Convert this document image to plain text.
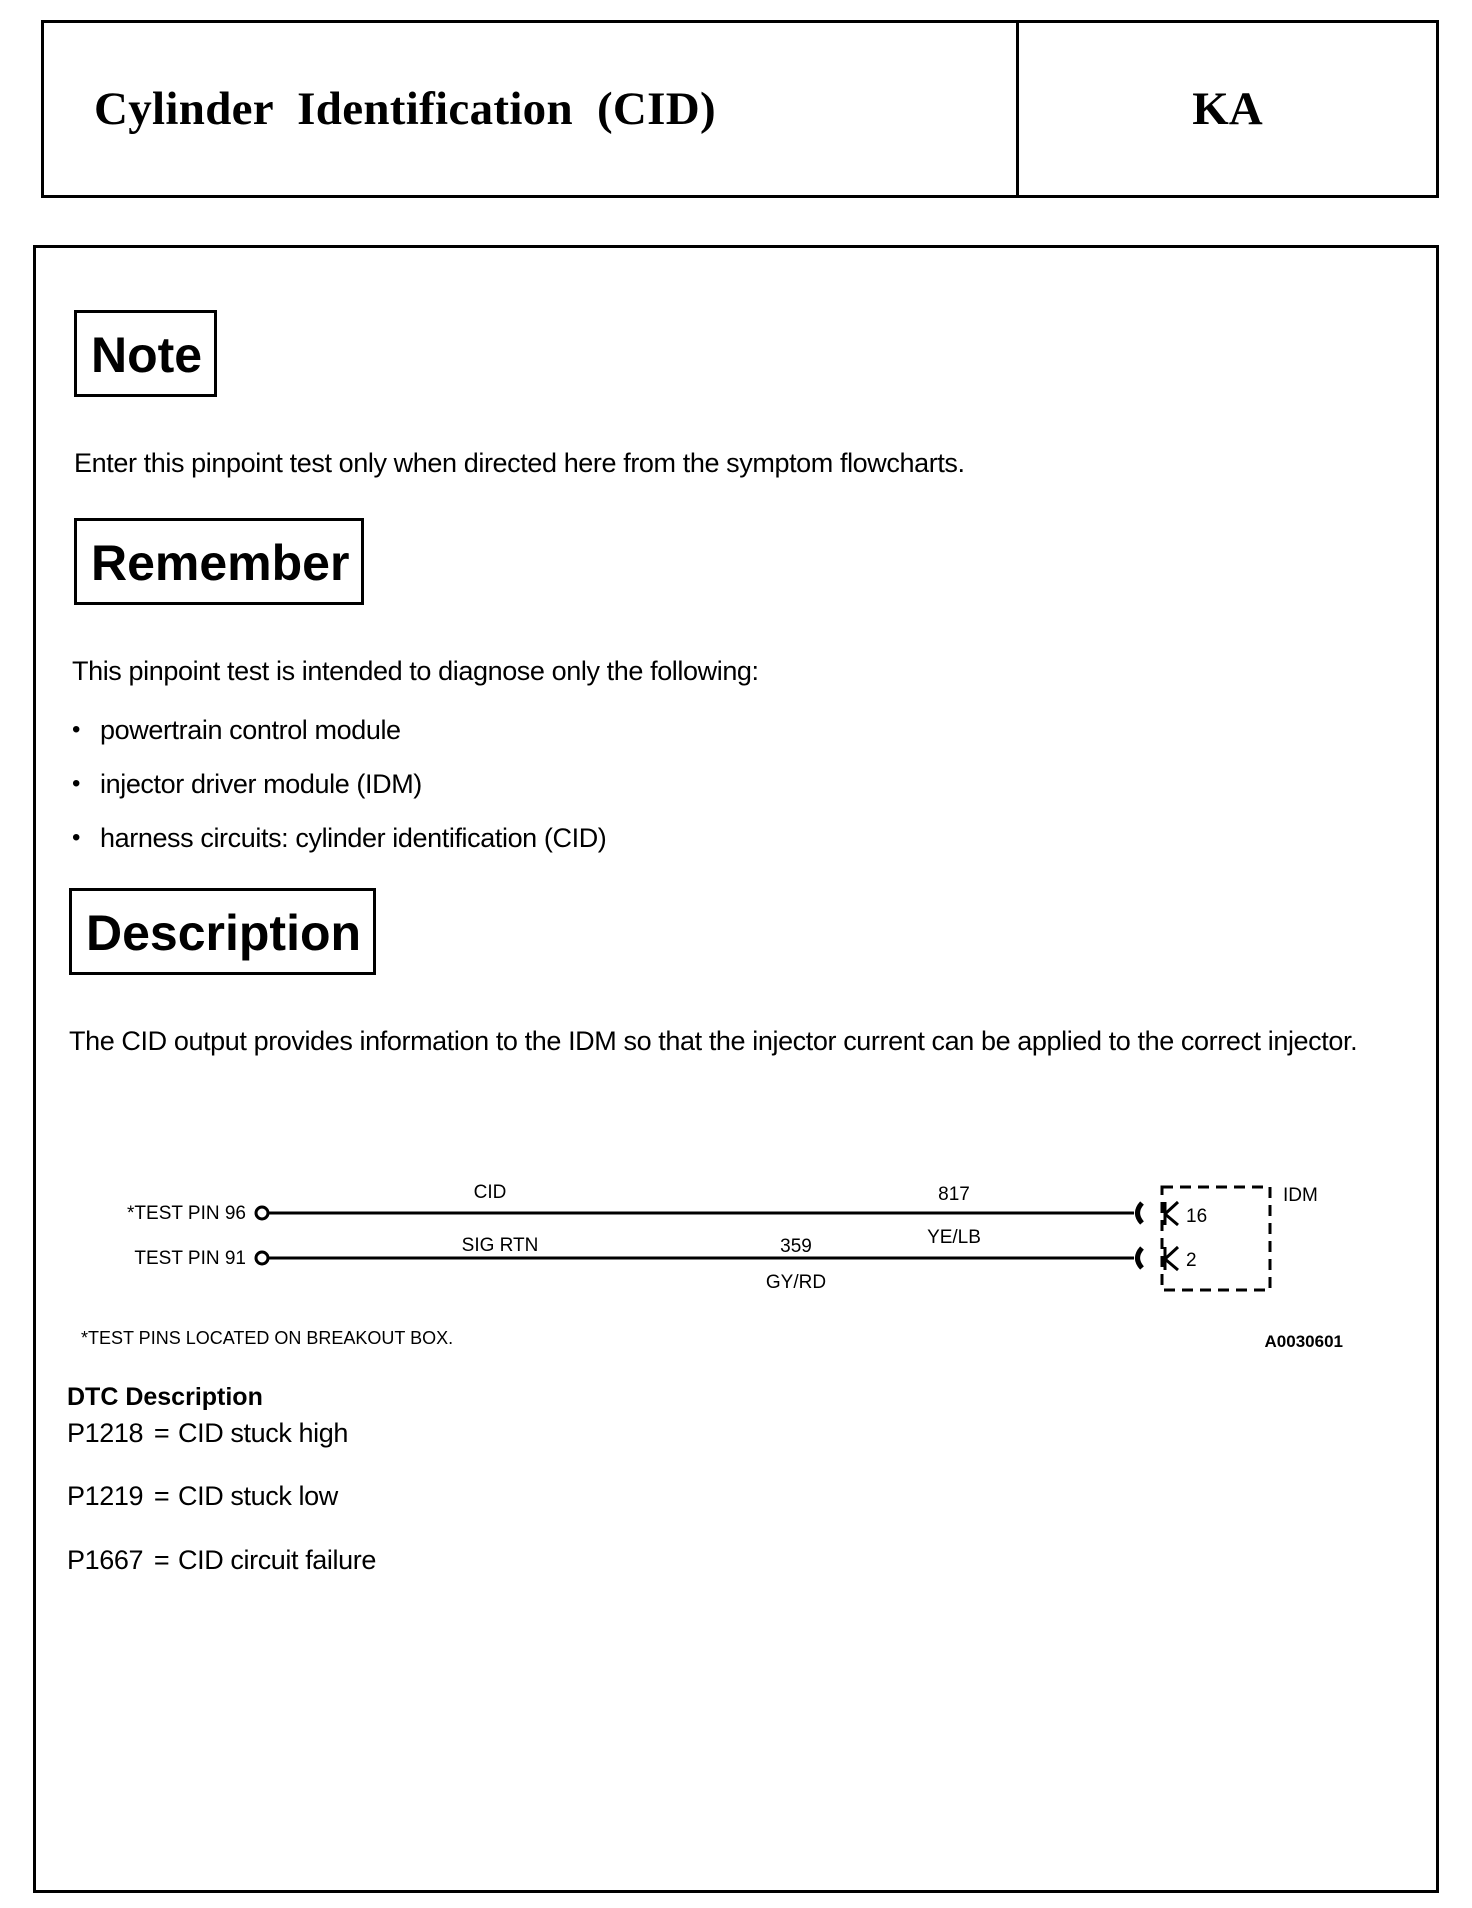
Cylinder Identification (CID)	KA
Note
Enter this pinpoint test only when directed here from the symptom flowcharts.
Remember
This pinpoint test is intended to diagnose only the following:
• powertrain control module
• injector driver module (IDM)
• harness circuits: cylinder identification (CID)
Description
The CID output provides information to the IDM so that the injector current can be applied to the correct injector.
*TEST PIN 96
CID	817
YE/LB
16
TEST PIN 91
SIG RTN	359
GY/RD
2
IDM
*TEST PINS LOCATED ON BREAKOUT BOX.	A0030601
DTC Description
P1218 = CID stuck high
P1219 = CID stuck low
P1667 = CID circuit failure
